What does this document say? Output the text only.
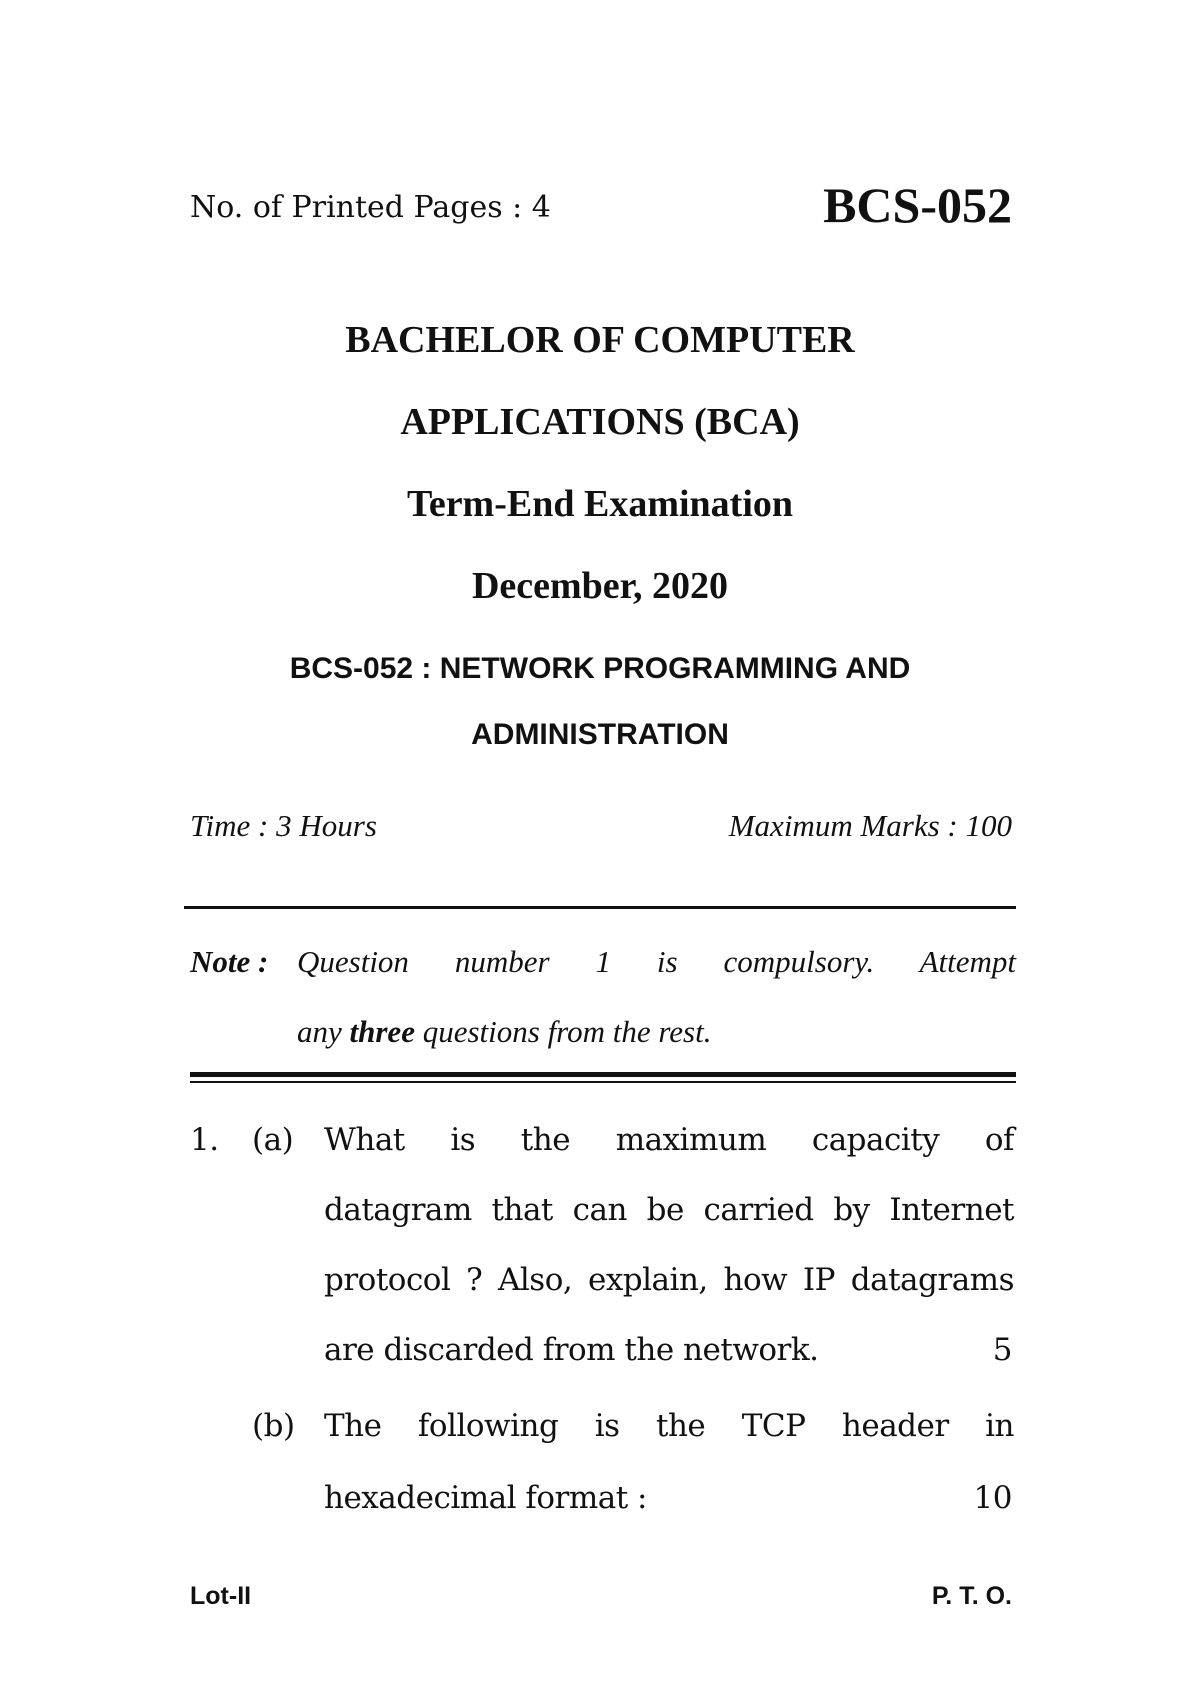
No. of Printed Pages : 4	BCS-052
BACHELOR OF COMPUTER
APPLICATIONS (BCA)
Term-End Examination
December, 2020
BCS-052 : NETWORK PROGRAMMING AND
ADMINISTRATION
Time : 3 Hours	Maximum Marks : 100
Note : Question number 1 is compulsory. Attempt
any three questions from the rest.
1. (a) What is the maximum capacity of
datagram that can be carried by Internet
protocol ? Also, explain, how IP datagrams
are discarded from the network.	5
(b) The following is the TCP header in
hexadecimal format :	10
Lot-II	P. T. O.
